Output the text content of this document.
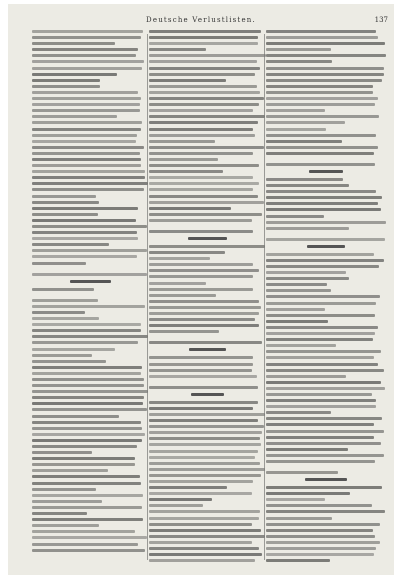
Deutsche Verlustlisten.	137
